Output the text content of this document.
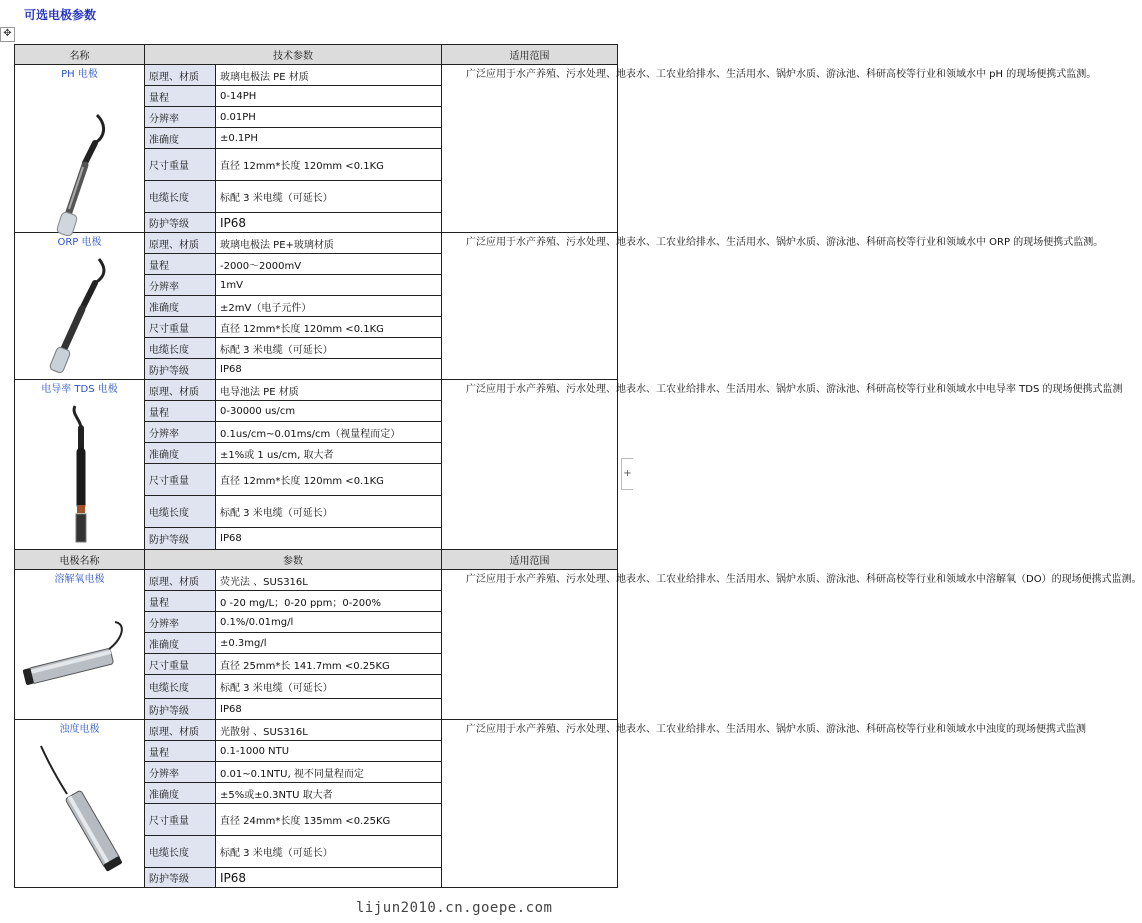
可选电极参数
✥
+
名称	技术参数		适用范围
PH 电极	原理、材质	玻璃电极法 PE 材质	广泛应用于水产养殖、污水处理、地表水、工农业给排水、生活用水、锅炉水质、游泳池、科研高校等行业和领域水中 pH 的现场便携式监测。

	量程	0-14PH	
	分辨率	0.01PH	
	准确度	±0.1PH	
	尺寸重量	直径 12mm*长度 120mm <0.1KG	
	电缆长度	标配 3 米电缆（可延长）	
	防护等级	IP68	
ORP 电极	原理、材质	玻璃电极法 PE+玻璃材质	广泛应用于水产养殖、污水处理、地表水、工农业给排水、生活用水、锅炉水质、游泳池、科研高校等行业和领域水中 ORP 的现场便携式监测。

	量程	-2000～2000mV	
	分辨率	1mV	
	准确度	±2mV（电子元件）	
	尺寸重量	直径 12mm*长度 120mm <0.1KG	
	电缆长度	标配 3 米电缆（可延长）	
	防护等级	IP68	
电导率 TDS 电极	原理、材质	电导池法 PE 材质	广泛应用于水产养殖、污水处理、地表水、工农业给排水、生活用水、锅炉水质、游泳池、科研高校等行业和领域水中电导率 TDS 的现场便携式监测

	量程	0-30000 us/cm	
	分辨率	0.1us/cm~0.01ms/cm（视量程而定）	
	准确度	±1%或 1 us/cm, 取大者	
	尺寸重量	直径 12mm*长度 120mm <0.1KG	
	电缆长度	标配 3 米电缆（可延长）	
	防护等级	IP68	
电极名称	参数		适用范围
溶解氧电极	原理、材质	荧光法 、SUS316L	广泛应用于水产养殖、污水处理、地表水、工农业给排水、生活用水、锅炉水质、游泳池、科研高校等行业和领域水中溶解氧（DO）的现场便携式监测。

	量程	0 -20 mg/L；0-20 ppm；0-200%	
	分辨率	0.1%/0.01mg/l	
	准确度	±0.3mg/l	
	尺寸重量	直径 25mm*长 141.7mm <0.25KG	
	电缆长度	标配 3 米电缆（可延长）	
	防护等级	IP68	
浊度电极	原理、材质	光散射 、SUS316L	广泛应用于水产养殖、污水处理、地表水、工农业给排水、生活用水、锅炉水质、游泳池、科研高校等行业和领域水中浊度的现场便携式监测

	量程	0.1-1000 NTU	
	分辨率	0.01~0.1NTU, 视不同量程而定	
	准确度	±5%或±0.3NTU 取大者	
	尺寸重量	直径 24mm*长度 135mm <0.25KG	
	电缆长度	标配 3 米电缆（可延长）	
	防护等级	IP68	
lijun2010.cn.goepe.com
